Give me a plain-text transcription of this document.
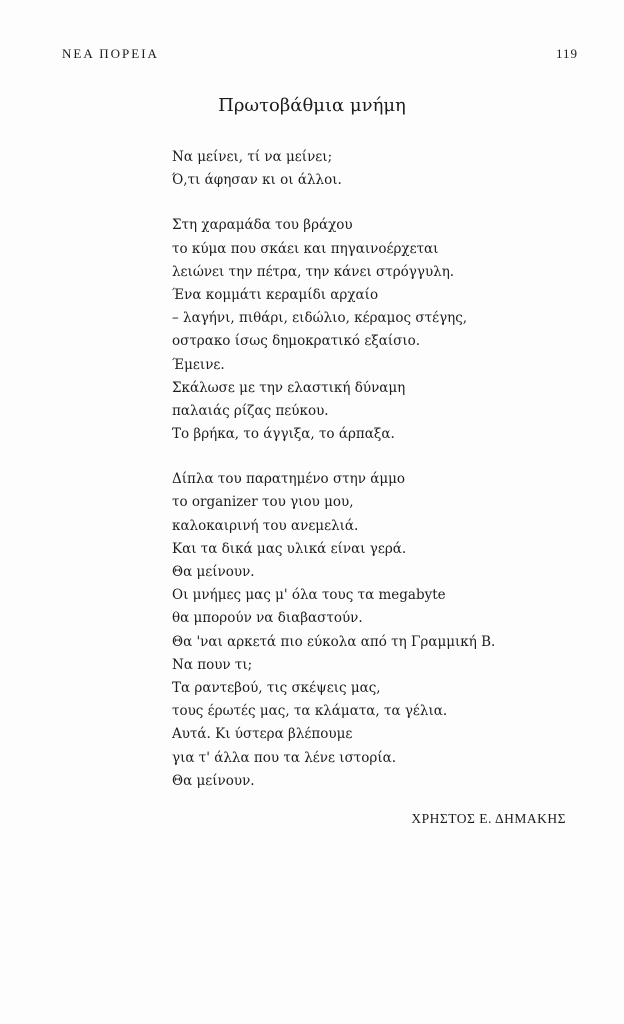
ΝΕΑ ΠΟΡΕΙΑ	119
Πρωτοβάθμια μνήμη
Να μείνει, τί να μείνει;
Ό,τι άφησαν κι οι άλλοι.
Στη χαραμάδα του βράχου
το κύμα που σκάει και πηγαινοέρχεται
λειώνει την πέτρα, την κάνει στρόγγυλη.
Ένα κομμάτι κεραμίδι αρχαίο
– λαγήνι, πιθάρι, ειδώλιο, κέραμος στέγης,
οστρακο ίσως δημοκρατικό εξαίσιο.
Έμεινε.
Σκάλωσε με την ελαστική δύναμη
παλαιάς ρίζας πεύκου.
Το βρήκα, το άγγιξα, το άρπαξα.
Δίπλα του παρατημένο στην άμμο
το organizer του γιου μου,
καλοκαιρινή του ανεμελιά.
Και τα δικά μας υλικά είναι γερά.
Θα μείνουν.
Οι μνήμες μας μ' όλα τους τα megabyte
θα μπορούν να διαβαστούν.
Θα 'ναι αρκετά πιο εύκολα από τη Γραμμική Β.
Να πουν τι;
Τα ραντεβού, τις σκέψεις μας,
τους έρωτές μας, τα κλάματα, τα γέλια.
Αυτά. Κι ύστερα βλέπουμε
για τ' άλλα που τα λένε ιστορία.
Θα μείνουν.
ΧΡΗΣΤΟΣ Ε. ΔΗΜΑΚΗΣ
